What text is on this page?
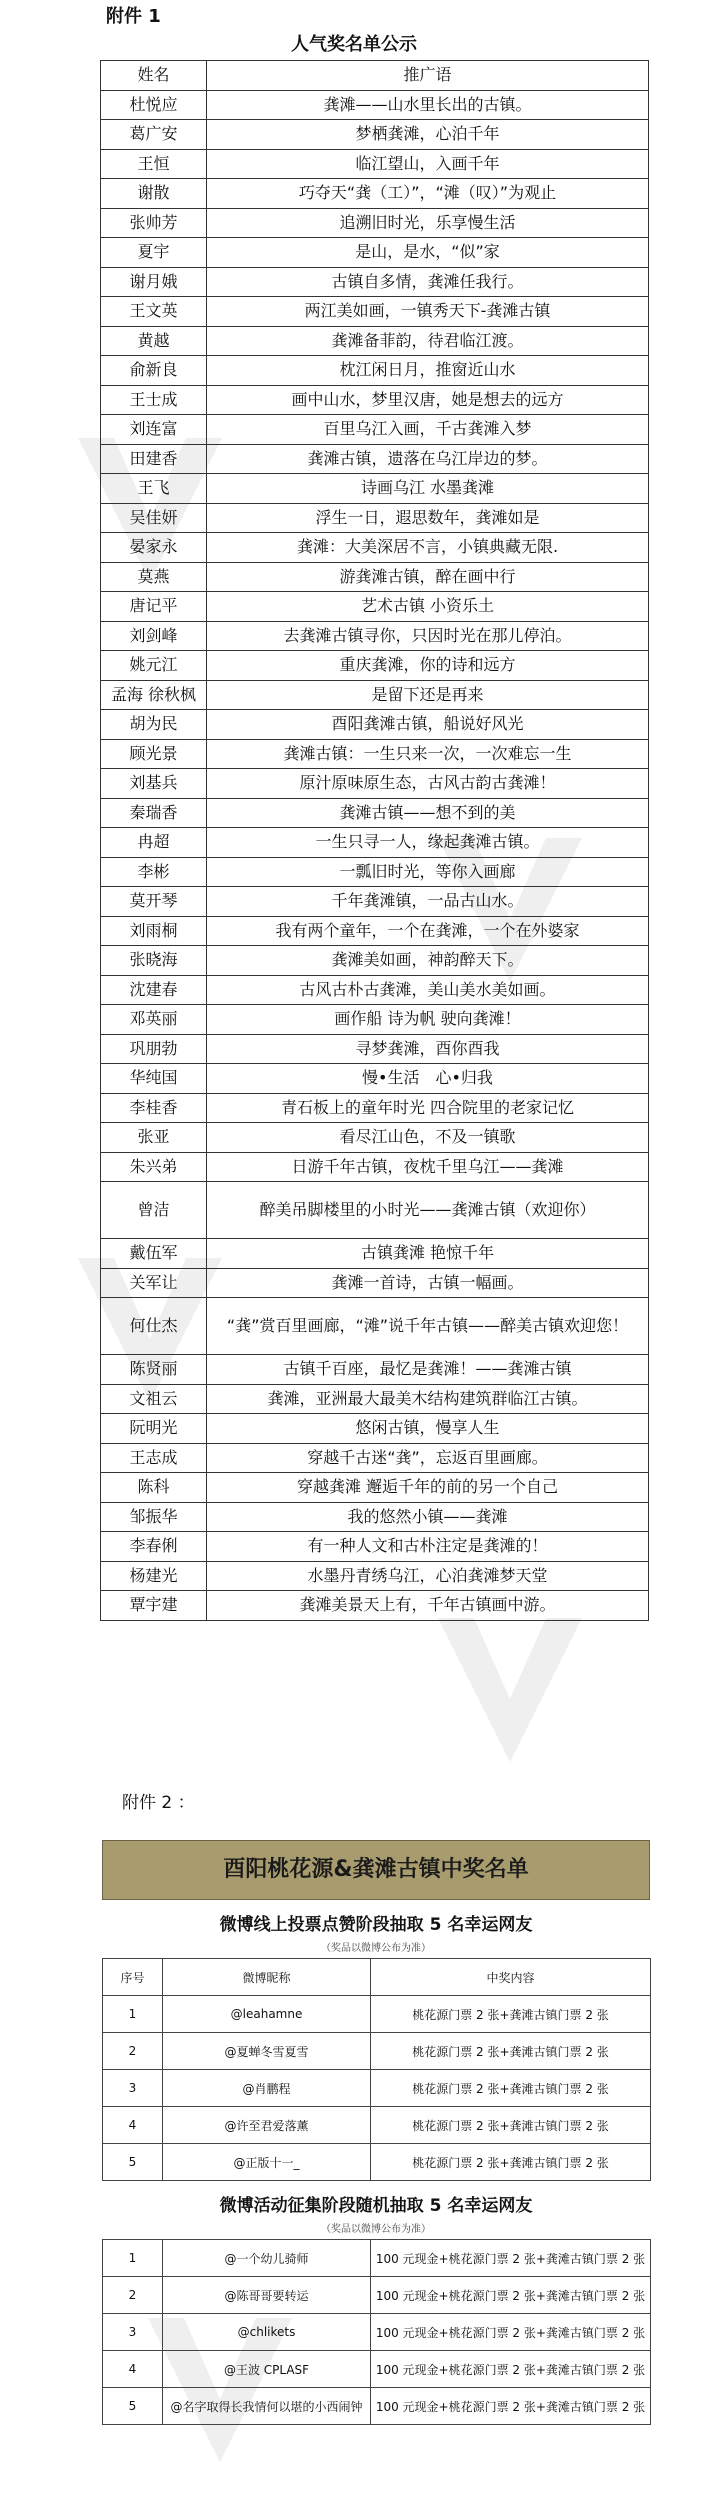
附件 1
人气奖名单公示
姓名	推广语
杜悦应	龚滩——山水里长出的古镇。
葛广安	梦栖龚滩，心泊千年
王恒	临江望山，入画千年
谢散	巧夺天“龚（工）”，“滩（叹）”为观止
张帅芳	追溯旧时光，乐享慢生活
夏宇	是山，是水，“似”家
谢月娥	古镇自多情，龚滩任我行。
王文英	两江美如画，一镇秀天下-龚滩古镇
黄越	龚滩备菲韵，待君临江渡。
俞新良	枕江闲日月，推窗近山水
王士成	画中山水，梦里汉唐，她是想去的远方
刘连富	百里乌江入画，千古龚滩入梦
田建香	龚滩古镇，遗落在乌江岸边的梦。
王飞	诗画乌江 水墨龚滩
吴佳妍	浮生一日，遐思数年，龚滩如是
晏家永	龚滩：大美深居不言，小镇典藏无限.
莫燕	游龚滩古镇，醉在画中行
唐记平	艺术古镇 小资乐土
刘剑峰	去龚滩古镇寻你，只因时光在那儿停泊。
姚元江	重庆龚滩，你的诗和远方
孟海 徐秋枫	是留下还是再来
胡为民	酉阳龚滩古镇，船说好风光
顾光景	龚滩古镇：一生只来一次，一次难忘一生
刘基兵	原汁原味原生态，古风古韵古龚滩！
秦瑞香	龚滩古镇——想不到的美
冉超	一生只寻一人，缘起龚滩古镇。
李彬	一瓢旧时光，等你入画廊
莫开琴	千年龚滩镇，一品古山水。
刘雨桐	我有两个童年，一个在龚滩，一个在外婆家
张晓海	龚滩美如画，神韵醉天下。
沈建春	古风古朴古龚滩，美山美水美如画。
邓英丽	画作船 诗为帆 驶向龚滩！
巩朋勃	寻梦龚滩，酉你酉我
华纯国	慢•生活　心•归我
李桂香	青石板上的童年时光 四合院里的老家记忆
张亚	看尽江山色，不及一镇歌
朱兴弟	日游千年古镇，夜枕千里乌江——龚滩
曾洁	醉美吊脚楼里的小时光——龚滩古镇（欢迎你）
戴伍军	古镇龚滩 艳惊千年
关军让	龚滩一首诗，古镇一幅画。
何仕杰	“龚”赏百里画廊，“滩”说千年古镇——醉美古镇欢迎您！
陈贤丽	古镇千百座，最忆是龚滩！——龚滩古镇
文祖云	龚滩，亚洲最大最美木结构建筑群临江古镇。
阮明光	悠闲古镇，慢享人生
王志成	穿越千古迷“龚”，忘返百里画廊。
陈科	穿越龚滩 邂逅千年的前的另一个自己
邹振华	我的悠然小镇——龚滩
李春俐	有一种人文和古朴注定是龚滩的！
杨建光	水墨丹青绣乌江，心泊龚滩梦天堂
覃宇建	龚滩美景天上有，千年古镇画中游。
附件 2 ：
酉阳桃花源&龚滩古镇中奖名单
微博线上投票点赞阶段抽取 5 名幸运网友
（奖品以微博公布为准）
序号	微博昵称	中奖内容
1	@leahamne	桃花源门票 2 张+龚滩古镇门票 2 张
2	@夏蝉冬雪夏雪	桃花源门票 2 张+龚滩古镇门票 2 张
3	@肖鹏程	桃花源门票 2 张+龚滩古镇门票 2 张
4	@许至君爱落薰	桃花源门票 2 张+龚滩古镇门票 2 张
5	@正版十一_	桃花源门票 2 张+龚滩古镇门票 2 张
微博活动征集阶段随机抽取 5 名幸运网友
（奖品以微博公布为准）
1	@一个幼儿骑师	100 元现金+桃花源门票 2 张+龚滩古镇门票 2 张
2	@陈哥哥要转运	100 元现金+桃花源门票 2 张+龚滩古镇门票 2 张
3	@chlikets	100 元现金+桃花源门票 2 张+龚滩古镇门票 2 张
4	@王波 CPLASF	100 元现金+桃花源门票 2 张+龚滩古镇门票 2 张
5	@名字取得长我情何以堪的小西闹钟	100 元现金+桃花源门票 2 张+龚滩古镇门票 2 张
